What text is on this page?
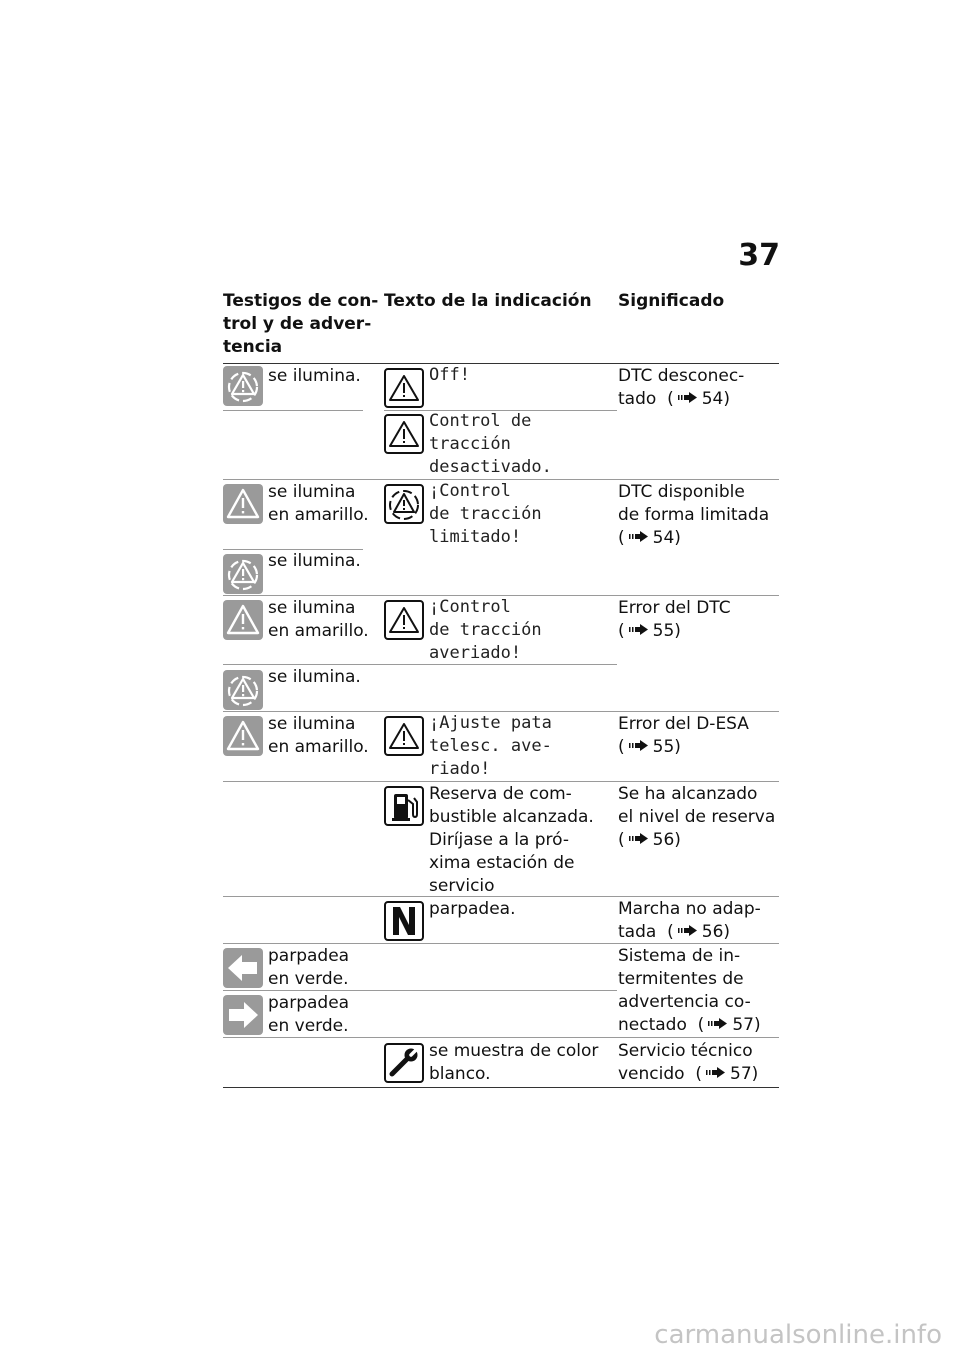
37
Testigos de con-
trol y de adver-
tencia
Texto de la indicación Significado
se ilumina.	Off!
Control de
tracción
desactivado.
DTC desconec-
tado  ( 54)
se ilumina
en amarillo.
se ilumina.
¡Control
de tracción
limitado!
DTC disponible
de forma limitada
( 54)
se ilumina
en amarillo.
se ilumina.
¡Control
de tracción
averiado!
Error del DTC
( 55)
se ilumina
en amarillo.
¡Ajuste pata
telesc. ave-
riado!
Error del D-ESA
( 55)
Reserva de com-
bustible alcanzada.
Diríjase a la pró-
xima estación de
servicio
Se ha alcanzado
el nivel de reserva
( 56)
parpadea.	Marcha no adap-
tada  ( 56)
parpadea
en verde.
parpadea
en verde.
Sistema de in-
termitentes de
advertencia co-
nectado  ( 57)
se muestra de color
blanco.
Servicio técnico
vencido  ( 57)
carmanualsonline.info
